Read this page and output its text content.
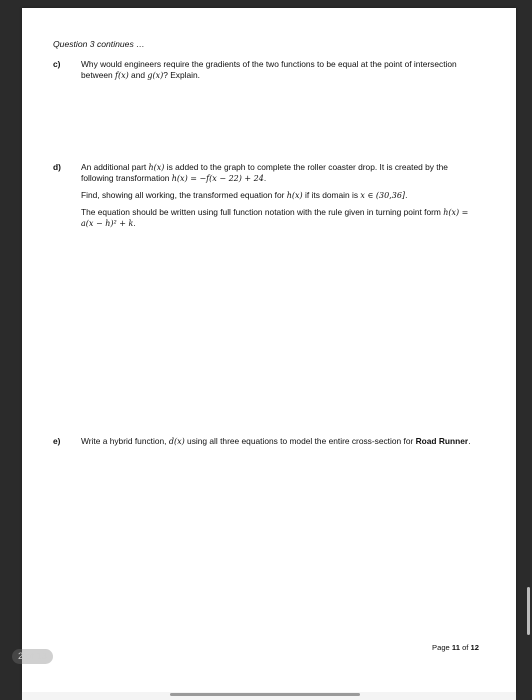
Question 3 continues …
c) Why would engineers require the gradients of the two functions to be equal at the point of intersection between f(x) and g(x)? Explain.

d) An additional part h(x) is added to the graph to complete the roller coaster drop. It is created by the following transformation h(x) = −f(x − 22) + 24.

Find, showing all working, the transformed equation for h(x) if its domain is x ∈ (30,36].

The equation should be written using full function notation with the rule given in turning point form h(x) = a(x − h)² + k.

e) Write a hybrid function, d(x) using all three equations to model the entire cross-section for Road Runner.

Page 11 of 12
2 of 13
